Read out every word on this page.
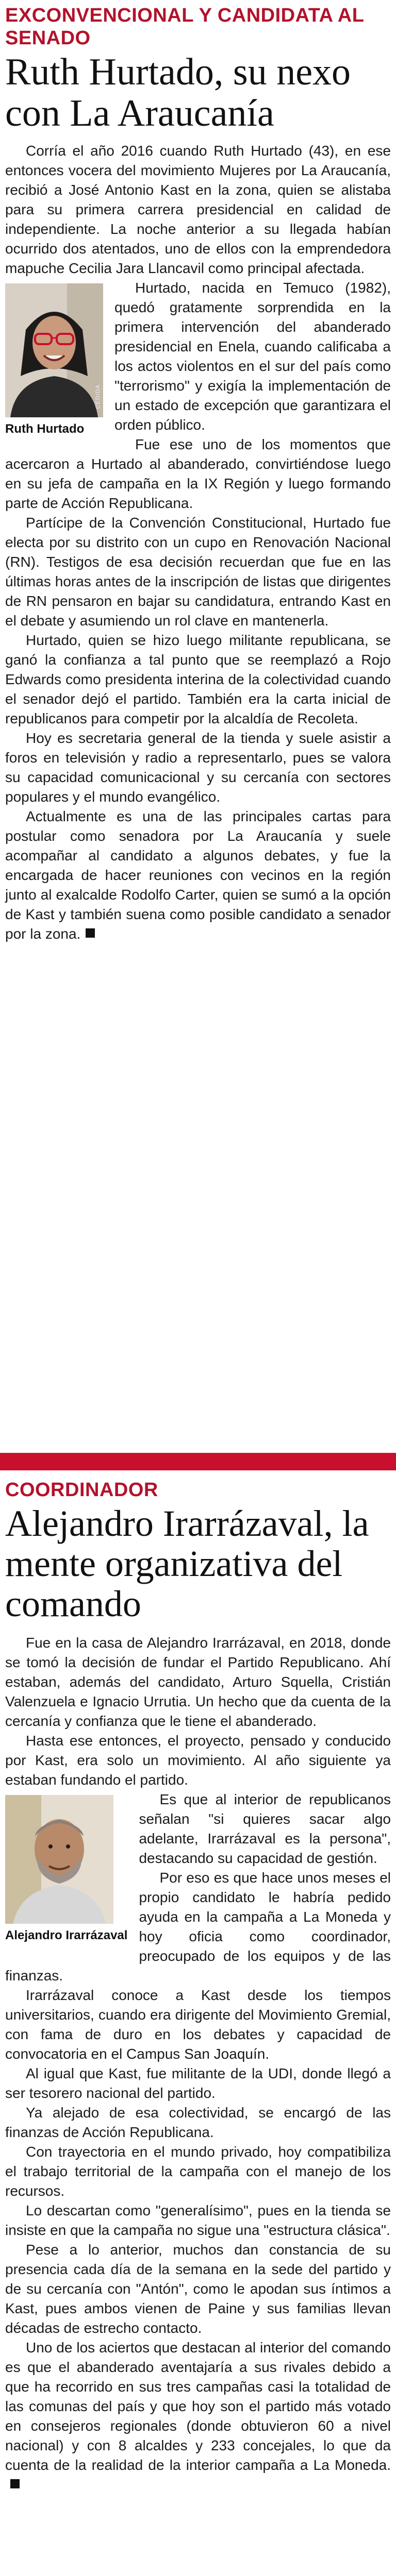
EXCONVENCIONAL Y CANDIDATA AL SENADO
Ruth Hurtado, su nexo con La Araucanía

Corría el año 2016 cuando Ruth Hurtado (43), en ese entonces vocera del movimiento Mujeres por La Araucanía, recibió a José Antonio Kast en la zona, quien se alistaba para su primera carrera presidencial en calidad de independiente. La noche anterior a su llegada habían ocurrido dos atentados, uno de ellos con la emprendedora mapuche Cecilia Jara Llancavil como principal afectada.

CEDIDA
Ruth Hurtado

Hurtado, nacida en Temuco (1982), quedó gratamente sorprendida en la primera intervención del abanderado presidencial en Enela, cuando calificaba a los actos violentos en el sur del país como "terrorismo" y exigía la implementación de un estado de excepción que garantizara el orden público.

Fue ese uno de los momentos que acercaron a Hurtado al abanderado, convirtiéndose luego en su jefa de campaña en la IX Región y luego formando parte de Acción Republicana.

Partícipe de la Convención Constitucional, Hurtado fue electa por su distrito con un cupo en Renovación Nacional (RN). Testigos de esa decisión recuerdan que fue en las últimas horas antes de la inscripción de listas que dirigentes de RN pensaron en bajar su candidatura, entrando Kast en el debate y asumiendo un rol clave en mantenerla.

Hurtado, quien se hizo luego militante republicana, se ganó la confianza a tal punto que se reemplazó a Rojo Edwards como presidenta interina de la colectividad cuando el senador dejó el partido. También era la carta inicial de republicanos para competir por la alcaldía de Recoleta.

Hoy es secretaria general de la tienda y suele asistir a foros en televisión y radio a representarlo, pues se valora su capacidad comunicacional y su cercanía con sectores populares y el mundo evangélico.

Actualmente es una de las principales cartas para postular como senadora por La Araucanía y suele acompañar al candidato a algunos debates, y fue la encargada de hacer reuniones con vecinos en la región junto al exalcalde Rodolfo Carter, quien se sumó a la opción de Kast y también suena como posible candidato a senador por la zona.

COORDINADOR
Alejandro Irarrázaval, la mente organizativa del comando

Fue en la casa de Alejandro Irarrázaval, en 2018, donde se tomó la decisión de fundar el Partido Republicano. Ahí estaban, además del candidato, Arturo Squella, Cristián Valenzuela e Ignacio Urrutia. Un hecho que da cuenta de la cercanía y confianza que le tiene el abanderado.

Hasta ese entonces, el proyecto, pensado y conducido por Kast, era solo un movimiento. Al año siguiente ya estaban fundando el partido.

Alejandro Irarrázaval

Es que al interior de republicanos señalan "si quieres sacar algo adelante, Irarrázaval es la persona", destacando su capacidad de gestión.

Por eso es que hace unos meses el propio candidato le habría pedido ayuda en la campaña a La Moneda y hoy oficia como coordinador, preocupado de los equipos y de las finanzas.

Irarrázaval conoce a Kast desde los tiempos universitarios, cuando era dirigente del Movimiento Gremial, con fama de duro en los debates y capacidad de convocatoria en el Campus San Joaquín.

Al igual que Kast, fue militante de la UDI, donde llegó a ser tesorero nacional del partido.

Ya alejado de esa colectividad, se encargó de las finanzas de Acción Republicana.

Con trayectoria en el mundo privado, hoy compatibiliza el trabajo territorial de la campaña con el manejo de los recursos.

Lo descartan como "generalísimo", pues en la tienda se insiste en que la campaña no sigue una "estructura clásica".

Pese a lo anterior, muchos dan constancia de su presencia cada día de la semana en la sede del partido y de su cercanía con "Antón", como le apodan sus íntimos a Kast, pues ambos vienen de Paine y sus familias llevan décadas de estrecho contacto.

Uno de los aciertos que destacan al interior del comando es que el abanderado aventajaría a sus rivales debido a que ha recorrido en sus tres campañas casi la totalidad de las comunas del país y que hoy son el partido más votado en consejeros regionales (donde obtuvieron 60 a nivel nacional) y con 8 alcaldes y 233 concejales, lo que da cuenta de la realidad de la interior campaña a La Moneda.
